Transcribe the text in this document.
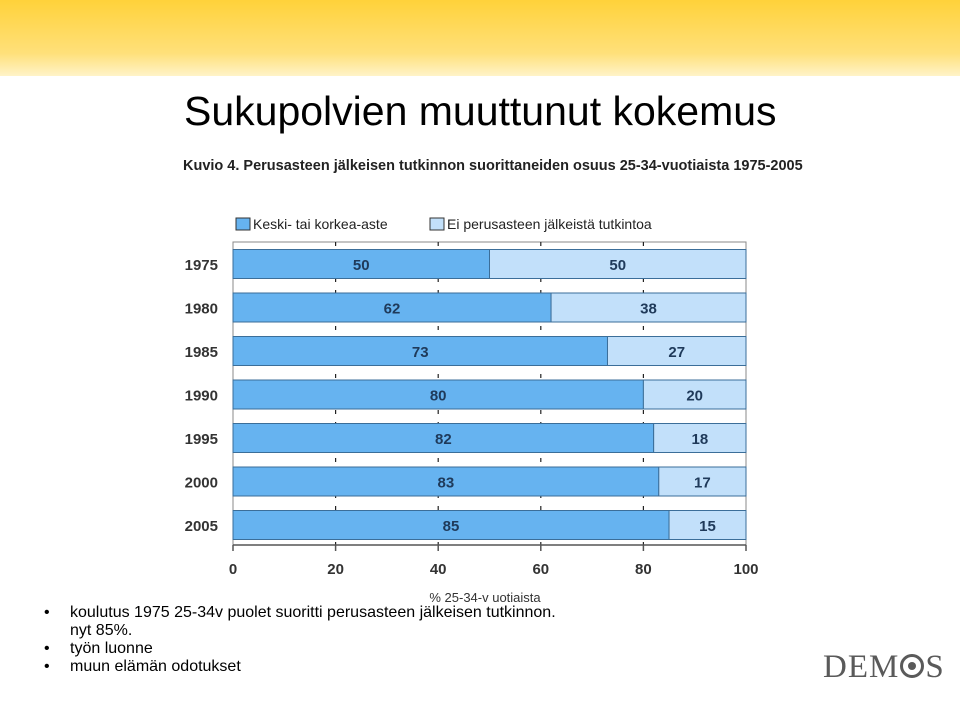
Sukupolvien muuttunut kokemus
Kuvio 4. Perusasteen jälkeisen tutkinnon suorittaneiden osuus 25-34-vuotiaista 1975-2005
Keski- tai korkea-aste	Ei perusasteen jälkeistä tutkintoa
50	50
1975
62	38
1980
73	27
1985
80	20
1990
82	18
1995
83	17
2000
85	15
2005
0	20	40	60	80	100
% 25-34-v uotiaista
• koulutus 1975 25-34v puolet suoritti perusasteen jälkeisen tutkinnon.
nyt 85%.
• työn luonne
• muun elämän odotukset	DEM S
